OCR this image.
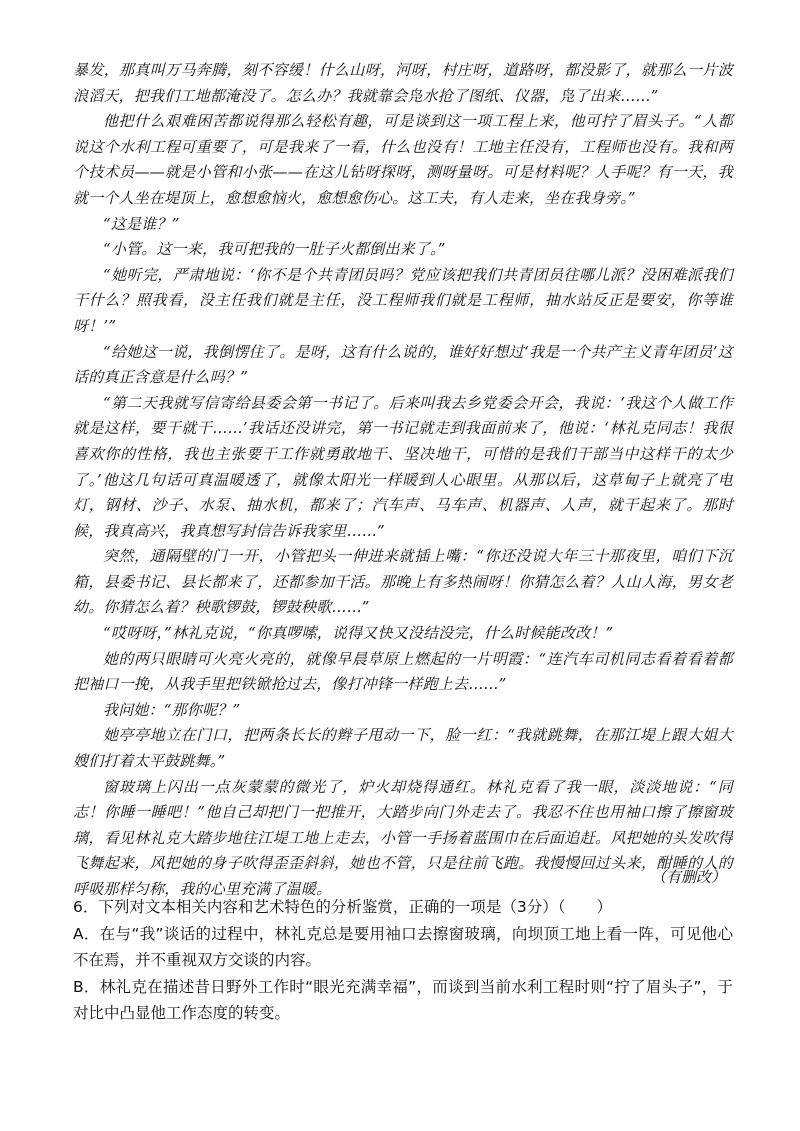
暴发，那真叫万马奔腾，刻不容缓！什么山呀，河呀，村庄呀，道路呀，都没影了，就那么一片波浪滔天，把我们工地都淹没了。怎么办？我就靠会凫水抢了图纸、仪器，凫了出来……”

他把什么艰难困苦都说得那么轻松有趣，可是谈到这一项工程上来，他可拧了眉头子。“人都说这个水利工程可重要了，可是我来了一看，什么也没有！工地主任没有，工程师也没有。我和两个技术员——就是小管和小张——在这儿钻呀探呀，测呀量呀。可是材料呢？人手呢？有一天，我就一个人坐在堤顶上，愈想愈恼火，愈想愈伤心。这工夫，有人走来，坐在我身旁。”

“这是谁？”

“小管。这一来，我可把我的一肚子火都倒出来了。”

“她听完，严肃地说：‘你不是个共青团员吗？党应该把我们共青团员往哪儿派？没困难派我们干什么？照我看，没主任我们就是主任，没工程师我们就是工程师，抽水站反正是要安，你等谁呀！’”

“给她这一说，我倒愣住了。是呀，这有什么说的，谁好好想过‘我是一个共产主义青年团员’这话的真正含意是什么吗？”

“第二天我就写信寄给县委会第一书记了。后来叫我去乡党委会开会，我说：‘我这个人做工作就是这样，要干就干……’我话还没讲完，第一书记就走到我面前来了，他说：‘林礼克同志！我很喜欢你的性格，我也主张要干工作就勇敢地干、坚决地干，可惜的是我们干部当中这样干的太少了。’他这几句话可真温暖透了，就像太阳光一样暖到人心眼里。从那以后，这草甸子上就亮了电灯，钢材、沙子、水泵、抽水机，都来了；汽车声、马车声、机器声、人声，就干起来了。那时候，我真高兴，我真想写封信告诉我家里……”

突然，通隔壁的门一开，小管把头一伸进来就插上嘴：“你还没说大年三十那夜里，咱们下沉箱，县委书记、县长都来了，还都参加干活。那晚上有多热闹呀！你猜怎么着？人山人海，男女老幼。你猜怎么着？秧歌锣鼓，锣鼓秧歌……”

“哎呀呀，”林礼克说，“你真啰嗦，说得又快又没结没完，什么时候能改改！”

她的两只眼睛可火亮火亮的，就像早晨草原上燃起的一片明霞：“连汽车司机同志看着看着都把袖口一挽，从我手里把铁锨抢过去，像打冲锋一样跑上去……”

我问她：“那你呢？”

她亭亭地立在门口，把两条长长的辫子甩动一下，脸一红：“我就跳舞，在那江堤上跟大姐大嫂们打着太平鼓跳舞。”

窗玻璃上闪出一点灰蒙蒙的微光了，炉火却烧得通红。林礼克看了我一眼，淡淡地说：“同志！你睡一睡吧！”他自己却把门一把推开，大踏步向门外走去了。我忍不住也用袖口擦了擦窗玻璃，看见林礼克大踏步地往江堤工地上走去，小管一手扬着蓝围巾在后面追赶。风把她的头发吹得飞舞起来，风把她的身子吹得歪歪斜斜，她也不管，只是往前飞跑。我慢慢回过头来，酣睡的人的呼吸那样匀称，我的心里充满了温暖。

（有删改）

6．下列对文本相关内容和艺术特色的分析鉴赏，正确的一项是（3分）（　　）

A．在与“我”谈话的过程中，林礼克总是要用袖口去擦窗玻璃，向坝顶工地上看一阵，可见他心不在焉，并不重视双方交谈的内容。

B．林礼克在描述昔日野外工作时“眼光充满幸福”，而谈到当前水利工程时则“拧了眉头子”，于对比中凸显他工作态度的转变。
